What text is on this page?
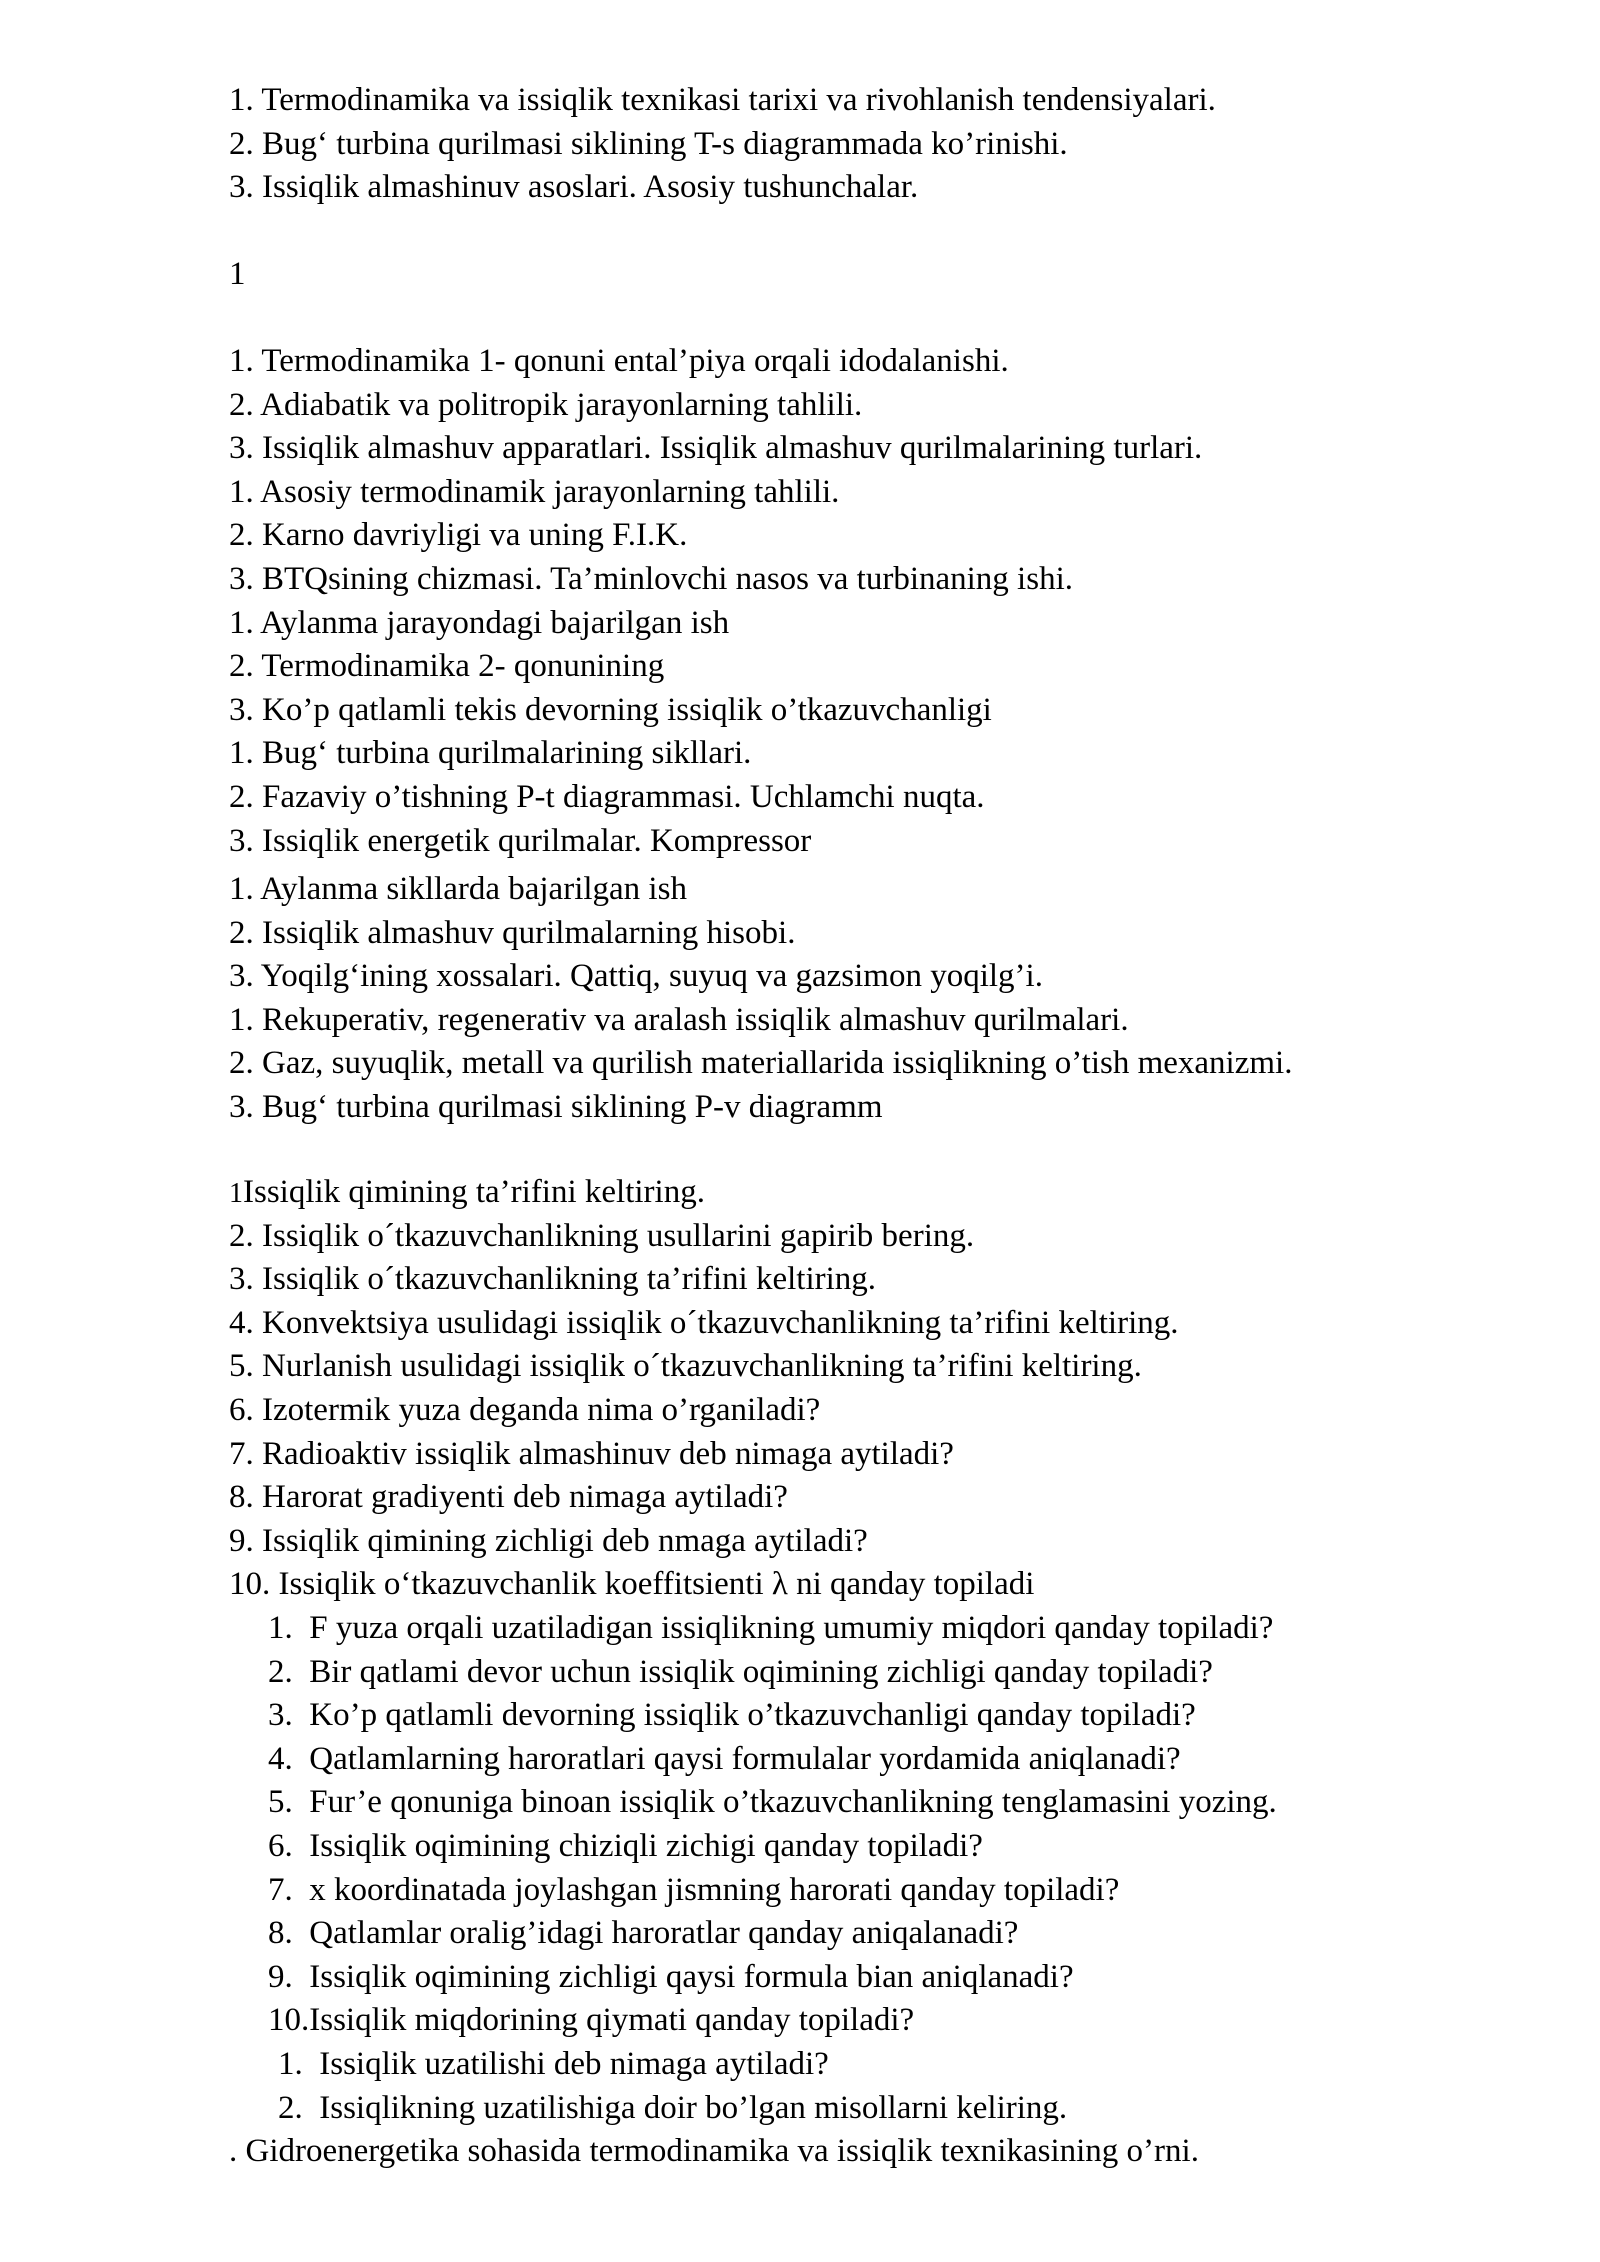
1. Termodinamika va issiqlik texnikasi tarixi va rivohlanish tendensiyalari.
2. Bug‘ turbina qurilmasi siklining T-s diagrammada ko’rinishi.
3. Issiqlik almashinuv asoslari. Asosiy tushunchalar.
1
1. Termodinamika 1- qonuni ental’piya orqali idodalanishi.
2. Adiabatik va politropik jarayonlarning tahlili.
3. Issiqlik almashuv apparatlari. Issiqlik almashuv qurilmalarining turlari.
1. Asosiy termodinamik jarayonlarning tahlili.
2. Karno davriyligi va uning F.I.K.
3. BTQsining chizmasi. Ta’minlovchi nasos va turbinaning ishi.
1. Aylanma jarayondagi bajarilgan ish
2. Termodinamika 2- qonunining
3. Ko’p qatlamli tekis devorning issiqlik o’tkazuvchanligi
1. Bug‘ turbina qurilmalarining sikllari.
2. Fazaviy o’tishning P-t diagrammasi. Uchlamchi nuqta.
3. Issiqlik energetik qurilmalar. Kompressor
1. Aylanma sikllarda bajarilgan ish
2. Issiqlik almashuv qurilmalarning hisobi.
3. Yoqilg‘ining xossalari. Qattiq, suyuq va gazsimon yoqilg’i.
1. Rekuperativ, regenerativ va aralash issiqlik almashuv qurilmalari.
2. Gaz, suyuqlik, metall va qurilish materiallarida issiqlikning o’tish mexanizmi.
3. Bug‘ turbina qurilmasi siklining P-v diagramm
1Issiqlik qimining ta’rifini keltiring.
2. Issiqlik o´tkazuvchanlikning usullarini gapirib bering.
3. Issiqlik o´tkazuvchanlikning ta’rifini keltiring.
4. Konvektsiya usulidagi issiqlik o´tkazuvchanlikning ta’rifini keltiring.
5. Nurlanish usulidagi issiqlik o´tkazuvchanlikning ta’rifini keltiring.
6. Izotermik yuza deganda nima o’rganiladi?
7. Radioaktiv issiqlik almashinuv deb nimaga aytiladi?
8. Harorat gradiyenti deb nimaga aytiladi?
9. Issiqlik qimining zichligi deb nmaga aytiladi?
10. Issiqlik o‘tkazuvchanlik koeffitsienti λ ni qanday topiladi
1.  F yuza orqali uzatiladigan issiqlikning umumiy miqdori qanday topiladi?
2.  Bir qatlami devor uchun issiqlik oqimining zichligi qanday topiladi?
3.  Ko’p qatlamli devorning issiqlik o’tkazuvchanligi qanday topiladi?
4.  Qatlamlarning haroratlari qaysi formulalar yordamida aniqlanadi?
5.  Fur’e qonuniga binoan issiqlik o’tkazuvchanlikning tenglamasini yozing.
6.  Issiqlik oqimining chiziqli zichigi qanday topiladi?
7.  x koordinatada joylashgan jismning harorati qanday topiladi?
8.  Qatlamlar oralig’idagi haroratlar qanday aniqalanadi?
9.  Issiqlik oqimining zichligi qaysi formula bian aniqlanadi?
10.Issiqlik miqdorining qiymati qanday topiladi?
1.  Issiqlik uzatilishi deb nimaga aytiladi?
2.  Issiqlikning uzatilishiga doir bo’lgan misollarni keliring.
. Gidroenergetika sohasida termodinamika va issiqlik texnikasining o’rni.
